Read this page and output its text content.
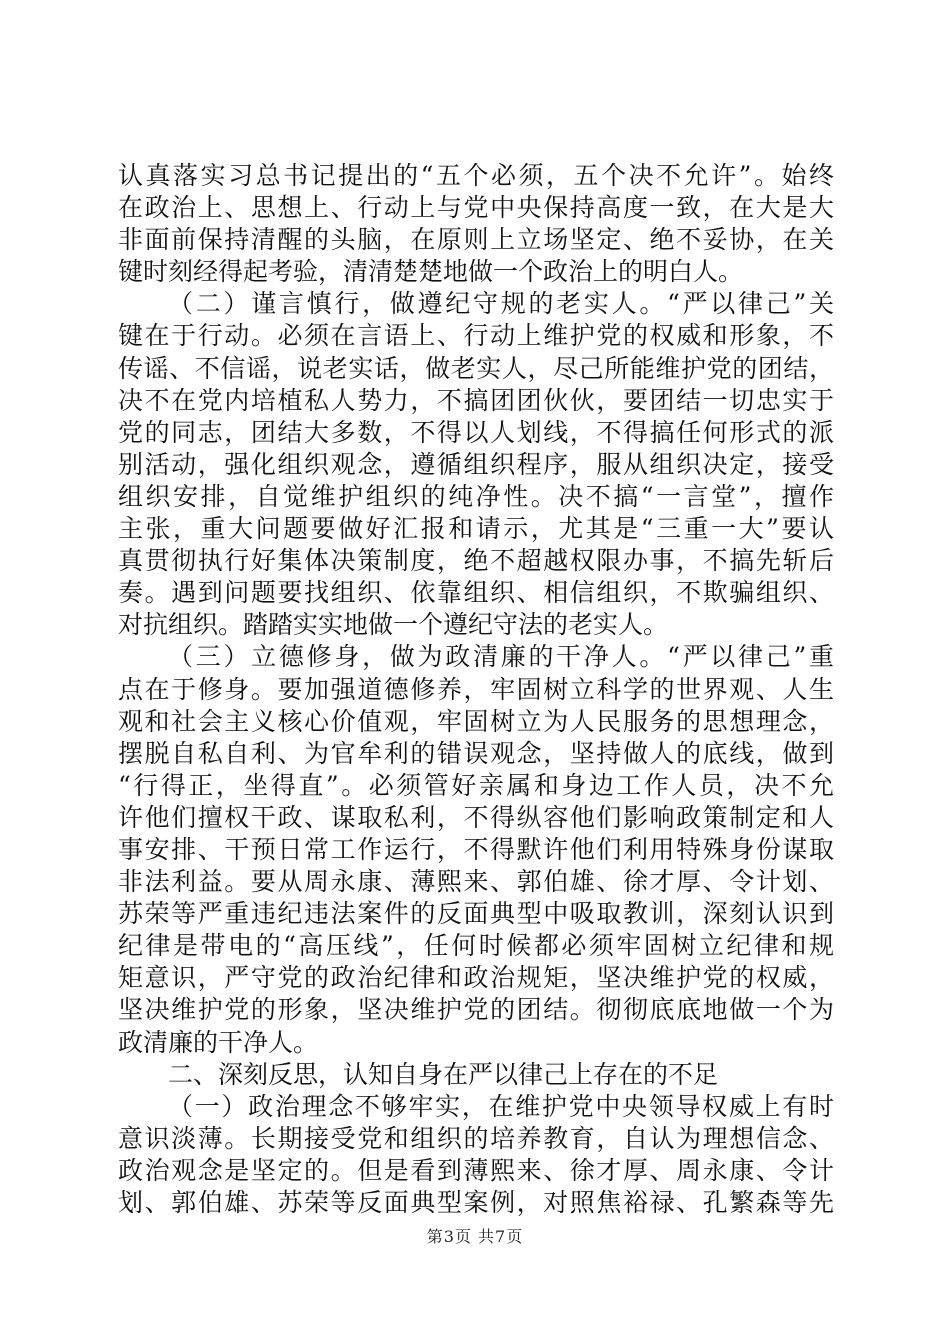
认真落实习总书记提出的“五个必须，五个决不允许”。始终
在政治上、思想上、行动上与党中央保持高度一致，在大是大
非面前保持清醒的头脑，在原则上立场坚定、绝不妥协，在关
键时刻经得起考验，清清楚楚地做一个政治上的明白人。
（二）谨言慎行，做遵纪守规的老实人。“严以律己”关
键在于行动。必须在言语上、行动上维护党的权威和形象，不
传谣、不信谣，说老实话，做老实人，尽己所能维护党的团结，
决不在党内培植私人势力，不搞团团伙伙，要团结一切忠实于
党的同志，团结大多数，不得以人划线，不得搞任何形式的派
别活动，强化组织观念，遵循组织程序，服从组织决定，接受
组织安排，自觉维护组织的纯净性。决不搞“一言堂”，擅作
主张，重大问题要做好汇报和请示，尤其是“三重一大”要认
真贯彻执行好集体决策制度，绝不超越权限办事，不搞先斩后
奏。遇到问题要找组织、依靠组织、相信组织，不欺骗组织、
对抗组织。踏踏实实地做一个遵纪守法的老实人。
（三）立德修身，做为政清廉的干净人。“严以律己”重
点在于修身。要加强道德修养，牢固树立科学的世界观、人生
观和社会主义核心价值观，牢固树立为人民服务的思想理念，
摆脱自私自利、为官牟利的错误观念，坚持做人的底线，做到
“行得正，坐得直”。必须管好亲属和身边工作人员，决不允
许他们擅权干政、谋取私利，不得纵容他们影响政策制定和人
事安排、干预日常工作运行，不得默许他们利用特殊身份谋取
非法利益。要从周永康、薄熙来、郭伯雄、徐才厚、令计划、
苏荣等严重违纪违法案件的反面典型中吸取教训，深刻认识到
纪律是带电的“高压线”，任何时候都必须牢固树立纪律和规
矩意识，严守党的政治纪律和政治规矩，坚决维护党的权威，
坚决维护党的形象，坚决维护党的团结。彻彻底底地做一个为
政清廉的干净人。
二、深刻反思，认知自身在严以律己上存在的不足
（一）政治理念不够牢实，在维护党中央领导权威上有时
意识淡薄。长期接受党和组织的培养教育，自认为理想信念、
政治观念是坚定的。但是看到薄熙来、徐才厚、周永康、令计
划、郭伯雄、苏荣等反面典型案例，对照焦裕禄、孔繁森等先
第3页 共7页
